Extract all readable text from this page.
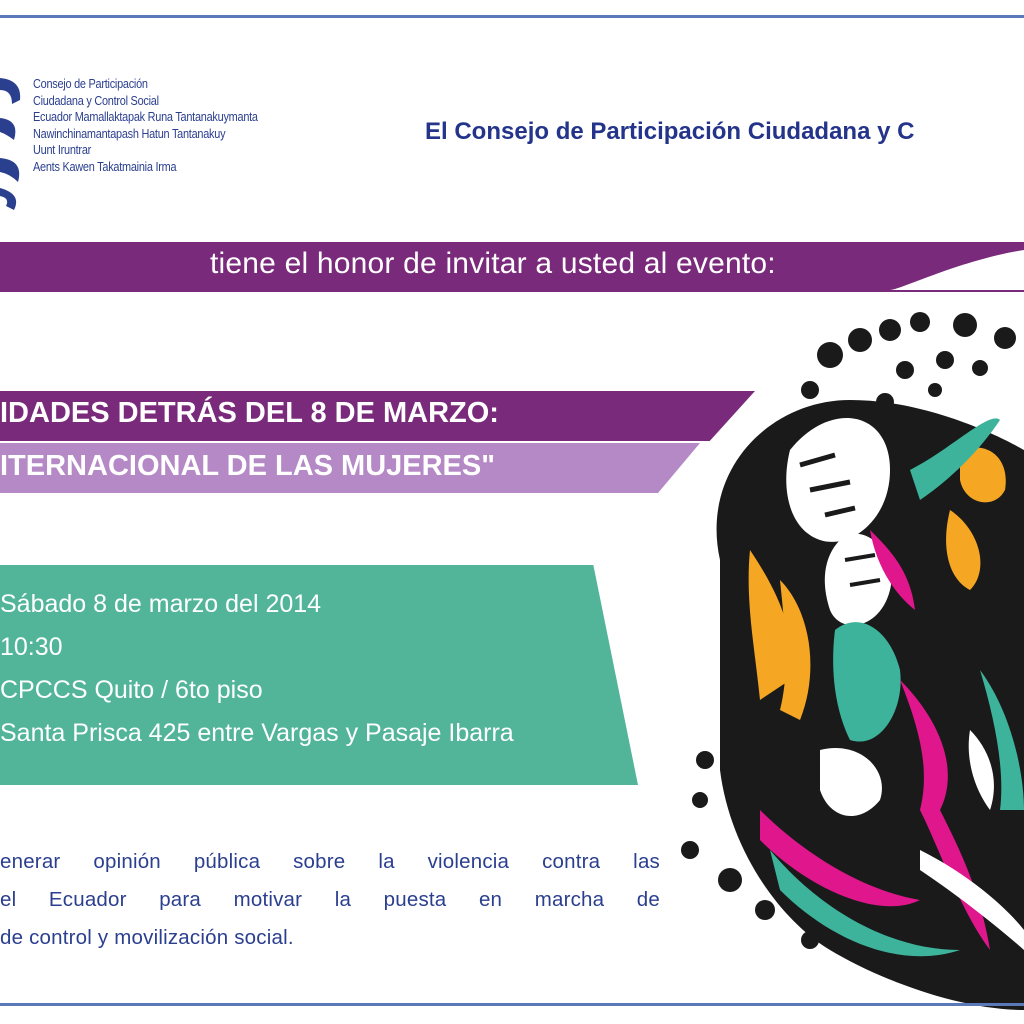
Consejo de Participación
Ciudadana y Control Social
Ecuador Mamallaktapak Runa Tantanakuymanta
Nawinchinamantapash Hatun Tantanakuy
Uunt Iruntrar
Aents Kawen Takatmainia Irma
El Consejo de Participación Ciudadana y C
tiene el honor de invitar a usted al evento:
IDADES DETRÁS DEL 8 DE MARZO:
ITERNACIONAL DE LAS MUJERES"
Sábado 8 de marzo del 2014
10:30
CPCCS Quito / 6to piso
Santa Prisca 425 entre Vargas y Pasaje Ibarra
enerar opinión pública sobre la violencia contra las
el Ecuador para motivar la puesta en marcha de
de control y movilización social.
